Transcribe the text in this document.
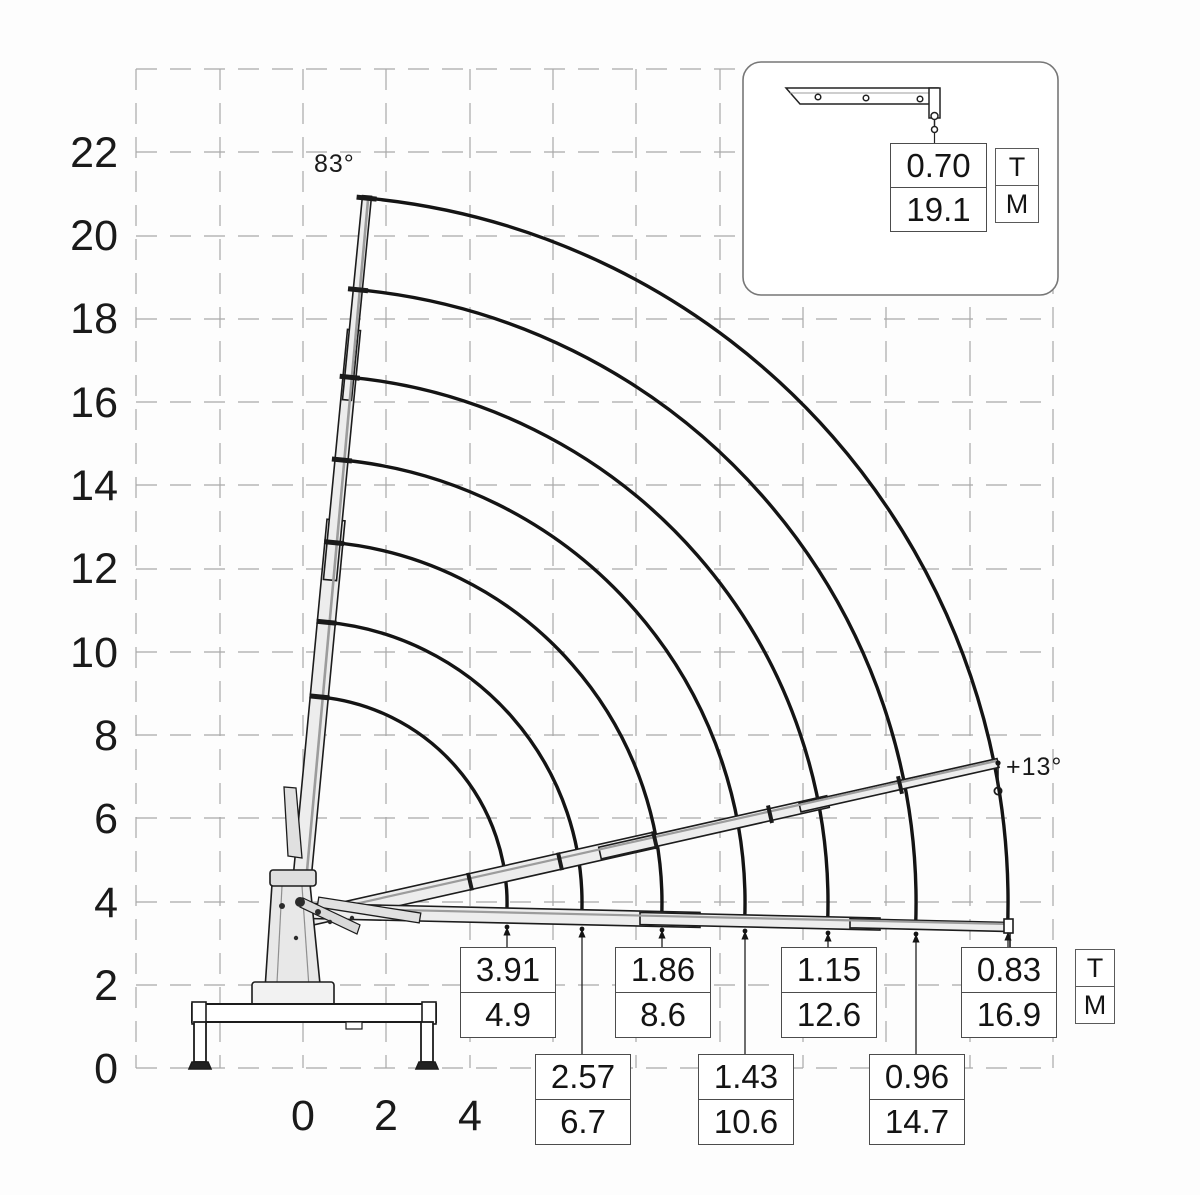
22
20
18
16
14
12
10
8
6
4
2
0
0	2	4
83°
+13°
3.91
4.9
2.57
6.7
1.86
8.6
1.43
10.6
1.15
12.6
0.96
14.7
0.83
16.9
T
M
0.70
19.1
T
M
